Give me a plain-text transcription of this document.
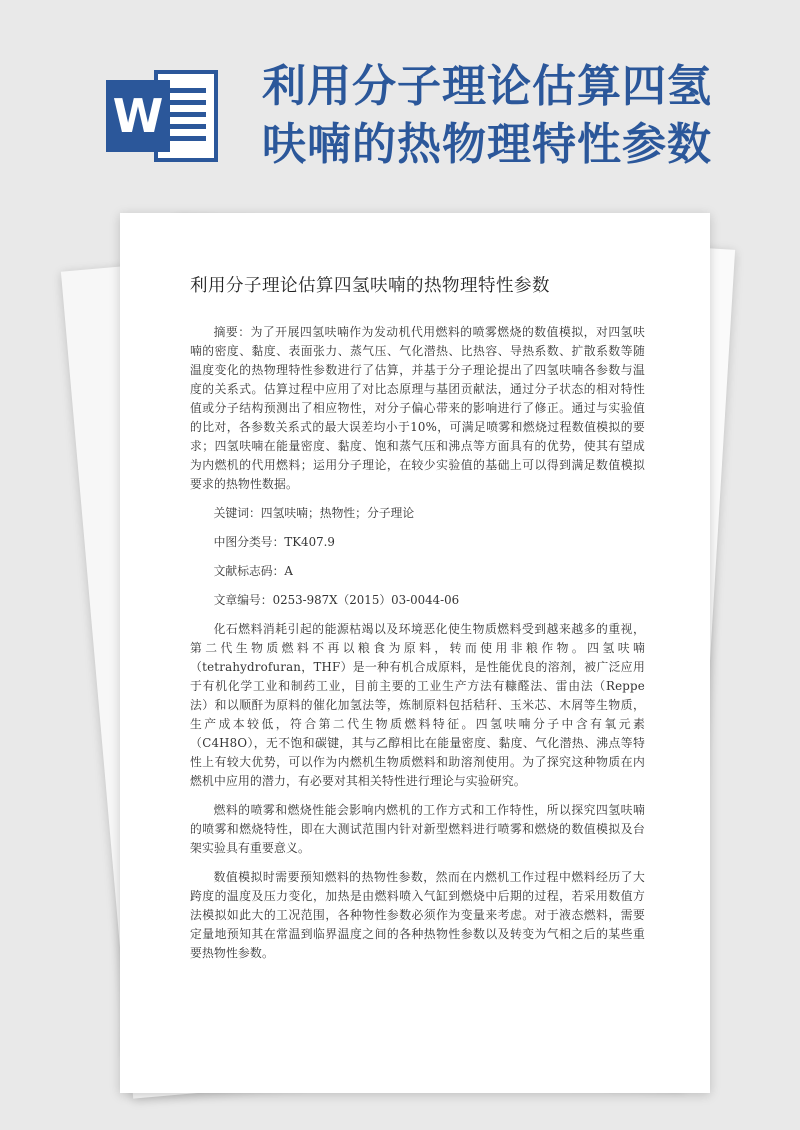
利用分子理论估算四氢
呋喃的热物理特性参数
W
利用分子理论估算四氢呋喃的热物理特性参数

摘要：为了开展四氢呋喃作为发动机代用燃料的喷雾燃烧的数值模拟，对四氢呋喃的密度、黏度、表面张力、蒸气压、气化潜热、比热容、导热系数、扩散系数等随温度变化的热物理特性参数进行了估算，并基于分子理论提出了四氢呋喃各参数与温度的关系式。估算过程中应用了对比态原理与基团贡献法，通过分子状态的相对特性值或分子结构预测出了相应物性，对分子偏心带来的影响进行了修正。通过与实验值的比对，各参数关系式的最大误差均小于10%，可满足喷雾和燃烧过程数值模拟的要求；四氢呋喃在能量密度、黏度、饱和蒸气压和沸点等方面具有的优势，使其有望成为内燃机的代用燃料；运用分子理论，在较少实验值的基础上可以得到满足数值模拟要求的热物性数据。

关键词：四氢呋喃；热物性；分子理论

中图分类号：TK407.9

文献标志码：A

文章编号：0253-987X（2015）03-0044-06

化石燃料消耗引起的能源枯竭以及环境恶化使生物质燃料受到越来越多的重视，第二代生物质燃料不再以粮食为原料，转而使用非粮作物。四氢呋喃（tetrahydrofuran，THF）是一种有机合成原料，是性能优良的溶剂，被广泛应用于有机化学工业和制药工业，目前主要的工业生产方法有糠醛法、雷由法（Reppe 法）和以顺酐为原料的催化加氢法等，炼制原料包括秸秆、玉米芯、木屑等生物质，生产成本较低，符合第二代生物质燃料特征。四氢呋喃分子中含有氧元素（C4H8O），无不饱和碳键，其与乙醇相比在能量密度、黏度、气化潜热、沸点等特性上有较大优势，可以作为内燃机生物质燃料和助溶剂使用。为了探究这种物质在内燃机中应用的潜力，有必要对其相关特性进行理论与实验研究。

燃料的喷雾和燃烧性能会影响内燃机的工作方式和工作特性，所以探究四氢呋喃的喷雾和燃烧特性，即在大测试范围内针对新型燃料进行喷雾和燃烧的数值模拟及台架实验具有重要意义。

数值模拟时需要预知燃料的热物性参数，然而在内燃机工作过程中燃料经历了大跨度的温度及压力变化，加热是由燃料喷入气缸到燃烧中后期的过程，若采用数值方法模拟如此大的工况范围，各种物性参数必须作为变量来考虑。对于液态燃料，需要定量地预知其在常温到临界温度之间的各种热物性参数以及转变为气相之后的某些重要热物性参数。
